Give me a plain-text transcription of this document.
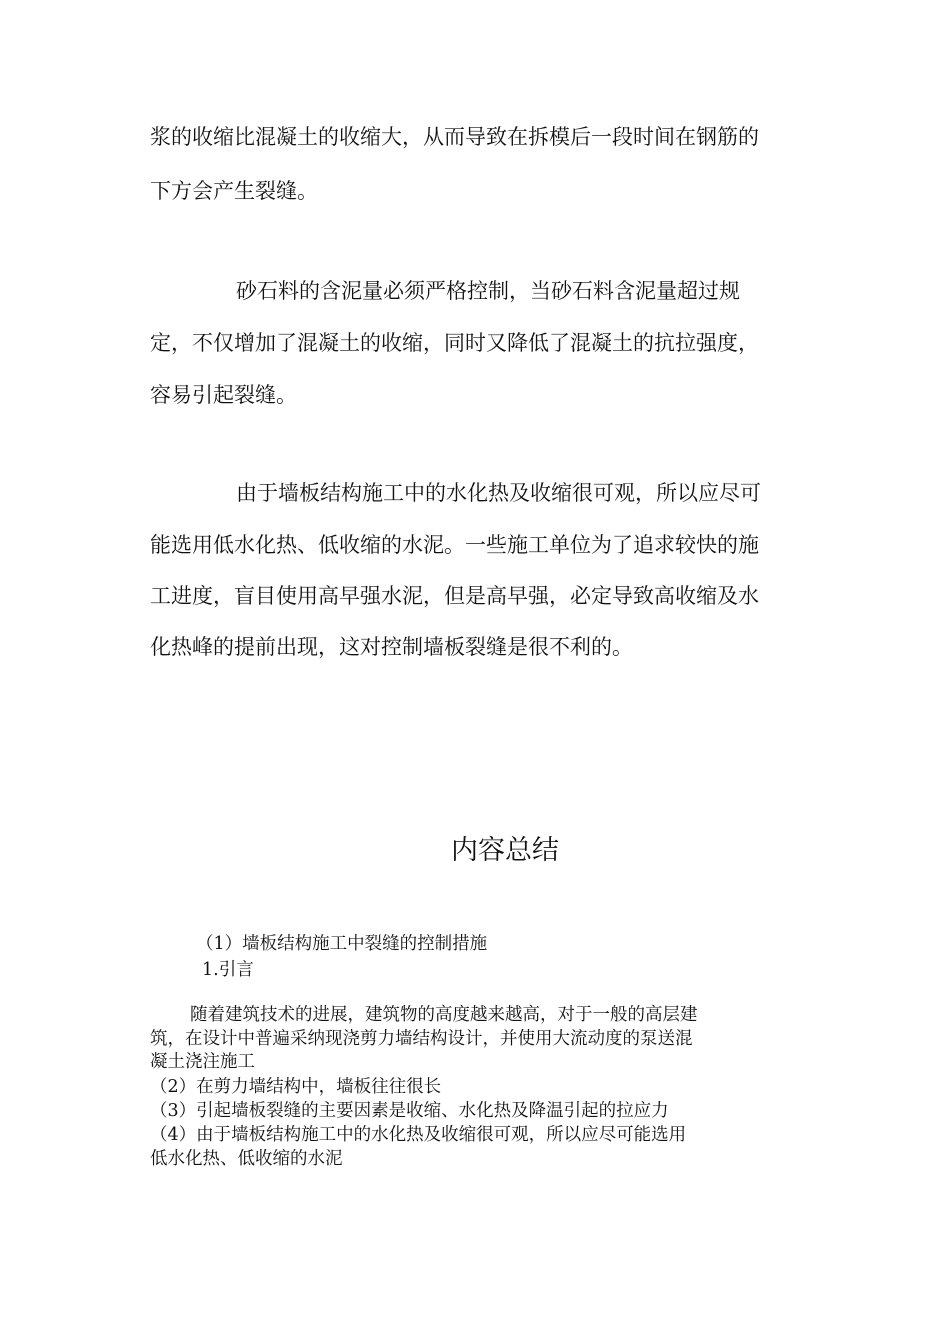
浆的收缩比混凝土的收缩大，从而导致在拆模后一段时间在钢筋的
下方会产生裂缝。
砂石料的含泥量必须严格控制，当砂石料含泥量超过规
定，不仅增加了混凝土的收缩，同时又降低了混凝土的抗拉强度，
容易引起裂缝。
由于墙板结构施工中的水化热及收缩很可观，所以应尽可
能选用低水化热、低收缩的水泥。一些施工单位为了追求较快的施
工进度，盲目使用高早强水泥，但是高早强，必定导致高收缩及水
化热峰的提前出现，这对控制墙板裂缝是很不利的。
内容总结
（1）墙板结构施工中裂缝的控制措施
1.引言
随着建筑技术的进展，建筑物的高度越来越高，对于一般的高层建
筑，在设计中普遍采纳现浇剪力墙结构设计，并使用大流动度的泵送混
凝土浇注施工
（2）在剪力墙结构中，墙板往往很长
（3）引起墙板裂缝的主要因素是收缩、水化热及降温引起的拉应力
（4）由于墙板结构施工中的水化热及收缩很可观，所以应尽可能选用
低水化热、低收缩的水泥
